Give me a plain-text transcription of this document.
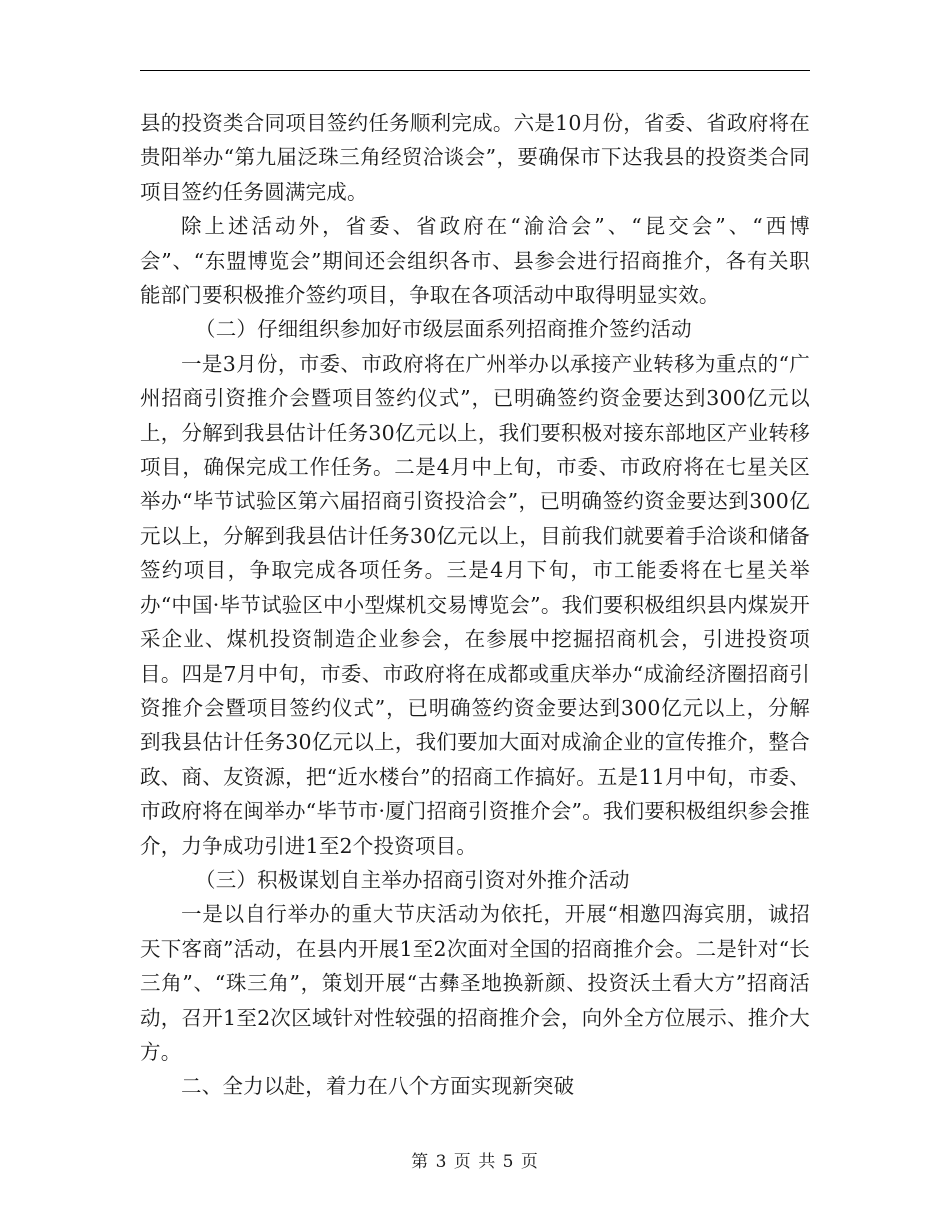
县的投资类合同项目签约任务顺利完成。六是10月份，省委、省政府将在贵阳举办“第九届泛珠三角经贸洽谈会”，要确保市下达我县的投资类合同项目签约任务圆满完成。

除上述活动外，省委、省政府在“渝洽会”、“昆交会”、“西博会”、“东盟博览会”期间还会组织各市、县参会进行招商推介，各有关职能部门要积极推介签约项目，争取在各项活动中取得明显实效。

（二）仔细组织参加好市级层面系列招商推介签约活动

一是3月份，市委、市政府将在广州举办以承接产业转移为重点的“广州招商引资推介会暨项目签约仪式”，已明确签约资金要达到300亿元以上，分解到我县估计任务30亿元以上，我们要积极对接东部地区产业转移项目，确保完成工作任务。二是4月中上旬，市委、市政府将在七星关区举办“毕节试验区第六届招商引资投洽会”，已明确签约资金要达到300亿元以上，分解到我县估计任务30亿元以上，目前我们就要着手洽谈和储备签约项目，争取完成各项任务。三是4月下旬，市工能委将在七星关举办“中国·毕节试验区中小型煤机交易博览会”。我们要积极组织县内煤炭开采企业、煤机投资制造企业参会，在参展中挖掘招商机会，引进投资项目。四是7月中旬，市委、市政府将在成都或重庆举办“成渝经济圈招商引资推介会暨项目签约仪式”，已明确签约资金要达到300亿元以上，分解到我县估计任务30亿元以上，我们要加大面对成渝企业的宣传推介，整合政、商、友资源，把“近水楼台”的招商工作搞好。五是11月中旬，市委、市政府将在闽举办“毕节市·厦门招商引资推介会”。我们要积极组织参会推介，力争成功引进1至2个投资项目。

（三）积极谋划自主举办招商引资对外推介活动

一是以自行举办的重大节庆活动为依托，开展“相邀四海宾朋，诚招天下客商”活动，在县内开展1至2次面对全国的招商推介会。二是针对“长三角”、“珠三角”，策划开展“古彝圣地换新颜、投资沃土看大方”招商活动，召开1至2次区域针对性较强的招商推介会，向外全方位展示、推介大方。

二、全力以赴，着力在八个方面实现新突破

第 3 页 共 5 页
